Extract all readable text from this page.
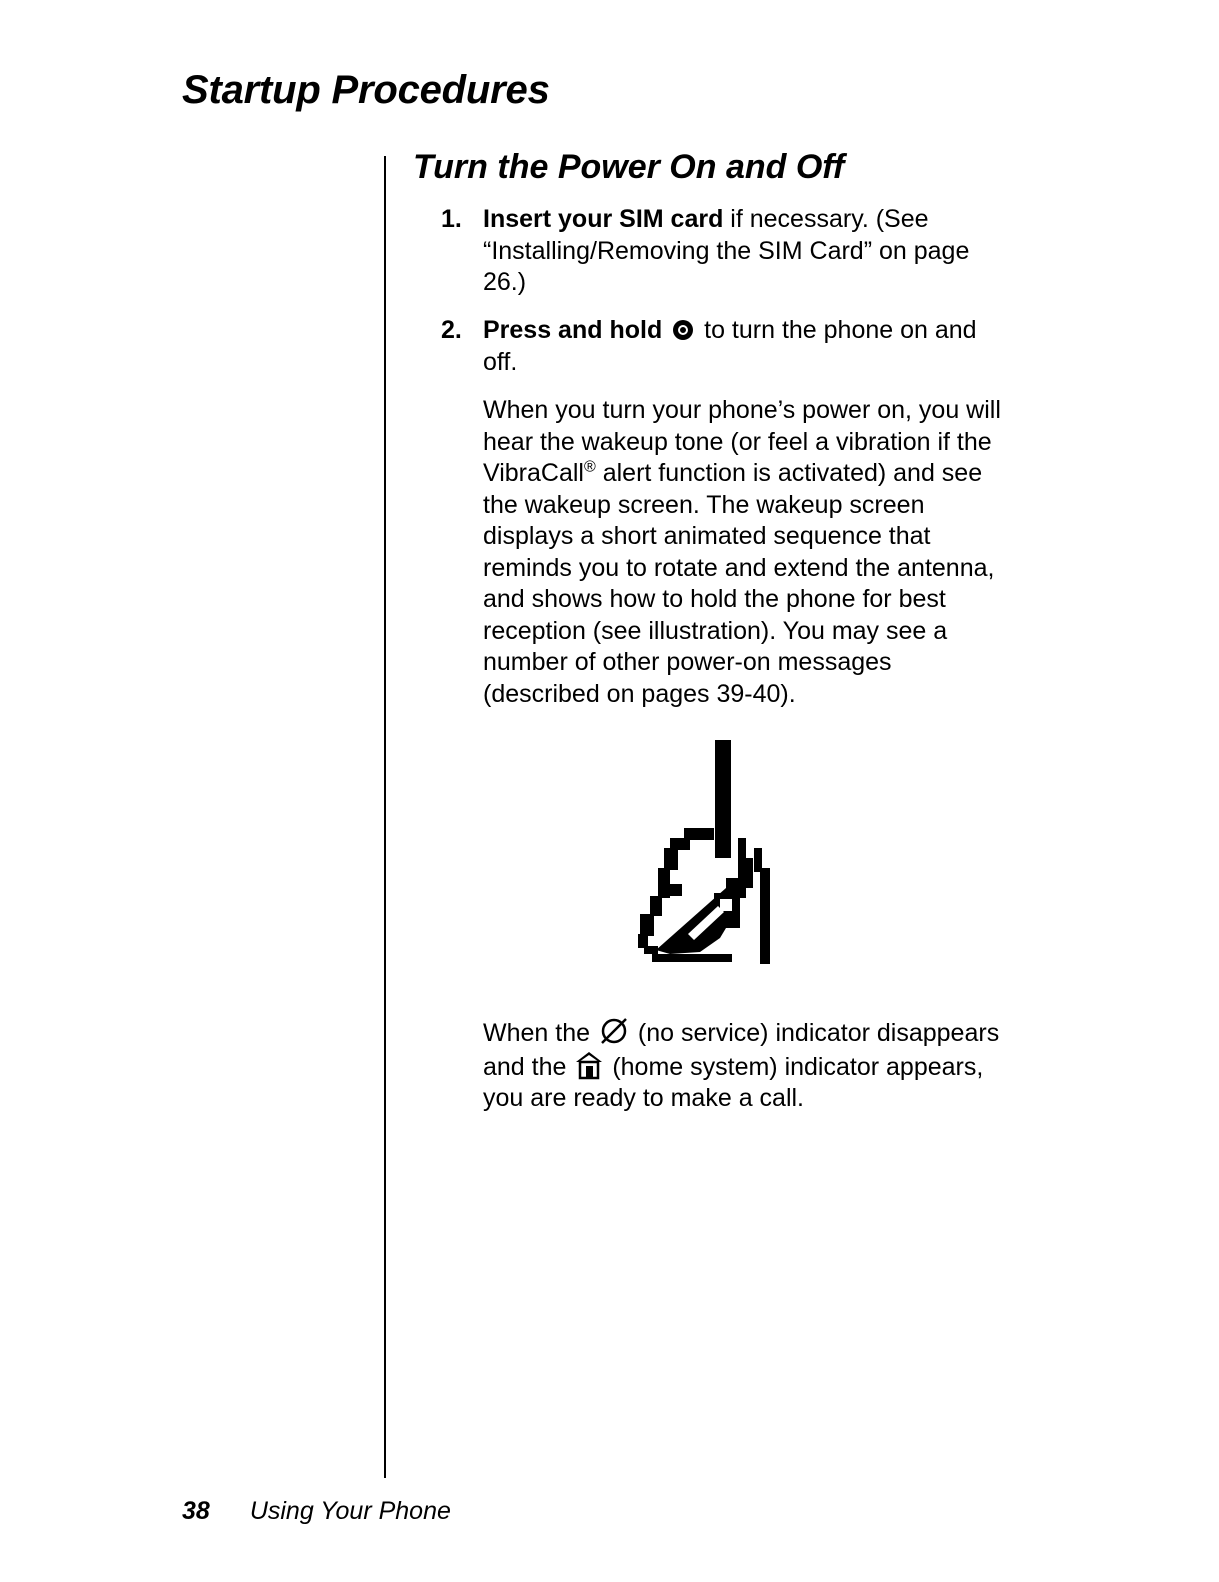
Startup Procedures
Turn the Power On and Off
1. Insert your SIM card if necessary. (See “Installing/Removing the SIM Card” on page 26.)
2. Press and hold  to turn the phone on and off.

When you turn your phone’s power on, you will hear the wakeup tone (or feel a vibration if the VibraCall® alert function is activated) and see the wakeup screen. The wakeup screen displays a short animated sequence that reminds you to rotate and extend the antenna, and shows how to hold the phone for best reception (see illustration). You may see a number of other power-on messages (described on pages 39-40).

When the  (no service) indicator disappears and the  (home system) indicator appears, you are ready to make a call.

38 Using Your Phone
